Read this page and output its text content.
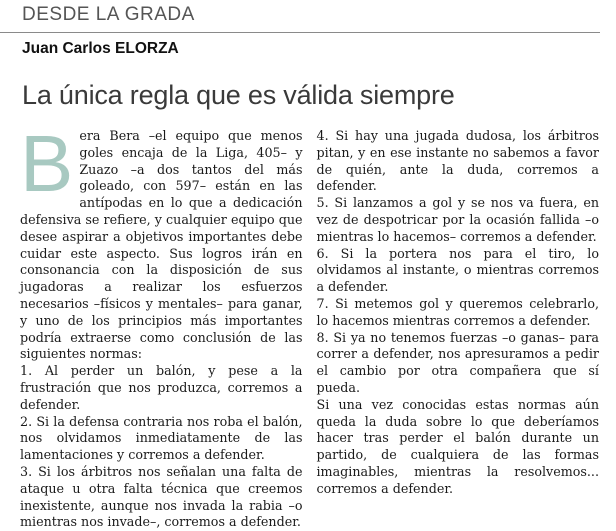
DESDE LA GRADA
Juan Carlos ELORZA
La única regla que es válida siempre
B era Bera –el equipo que menos goles encaja de la Liga, 405– y Zuazo –a dos tantos del más goleado, con 597– están en las antípodas en lo que a dedicación defensiva se refiere, y cualquier equipo que desee aspirar a objetivos importantes debe cuidar este aspecto. Sus logros irán en consonancia con la disposición de sus jugadoras a realizar los esfuerzos necesarios –físicos y mentales– para ganar, y uno de los principios más importantes podría extraerse como conclusión de las siguientes normas:

1. Al perder un balón, y pese a la frustración que nos produzca, corremos a defender.

2. Si la defensa contraria nos roba el balón, nos olvidamos inmediatamente de las lamentaciones y corremos a defender.

3. Si los árbitros nos señalan una falta de ataque u otra falta técnica que creemos inexistente, aunque nos invada la rabia –o mientras nos invade–, corremos a defender.

4. Si hay una jugada dudosa, los árbitros pitan, y en ese instante no sabemos a favor de quién, ante la duda, corremos a defender.

5. Si lanzamos a gol y se nos va fuera, en vez de despotricar por la ocasión fallida –o mientras lo hacemos– corremos a defender.

6. Si la portera nos para el tiro, lo olvidamos al instante, o mientras corremos a defender.

7. Si metemos gol y queremos celebrarlo, lo hacemos mientras corremos a defender.

8. Si ya no tenemos fuerzas –o ganas– para correr a defender, nos apresuramos a pedir el cambio por otra compañera que sí pueda.

Si una vez conocidas estas normas aún queda la duda sobre lo que deberíamos hacer tras perder el balón durante un partido, de cualquiera de las formas imaginables, mientras la resolvemos... corremos a defender.
